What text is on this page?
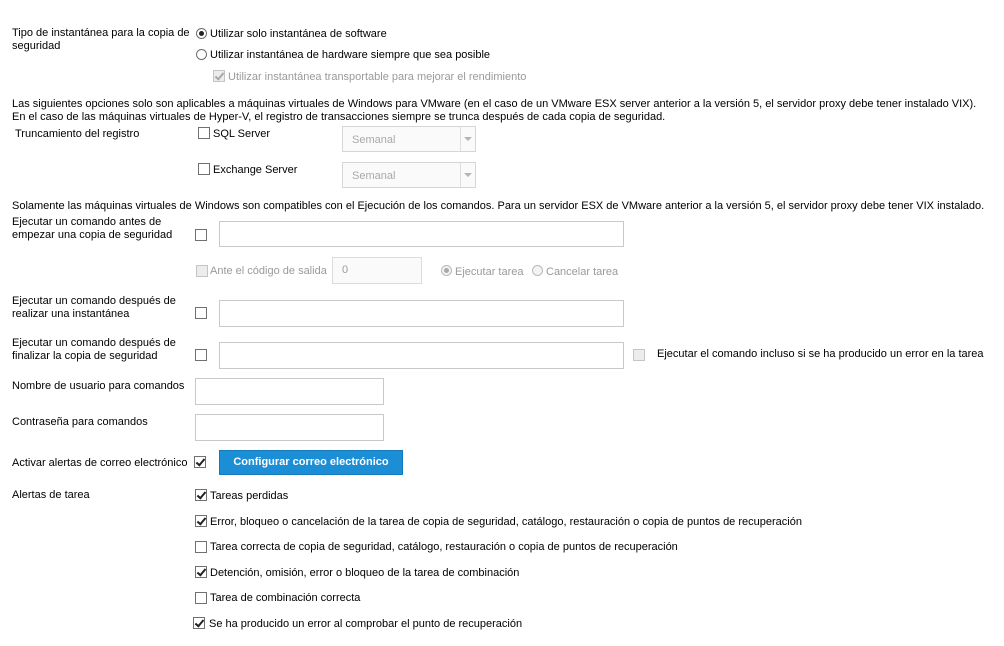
Tipo de instantánea para la copia de seguridad
Utilizar solo instantánea de software
Utilizar instantánea de hardware siempre que sea posible
Utilizar instantánea transportable para mejorar el rendimiento
Las siguientes opciones solo son aplicables a máquinas virtuales de Windows para VMware (en el caso de un VMware ESX server anterior a la versión 5, el servidor proxy debe tener instalado VIX). En el caso de las máquinas virtuales de Hyper-V, el registro de transacciones siempre se trunca después de cada copia de seguridad.
Truncamiento del registro	SQL Server	Semanal
Exchange Server	Semanal
Solamente las máquinas virtuales de Windows son compatibles con el Ejecución de los comandos. Para un servidor ESX de VMware anterior a la versión 5, el servidor proxy debe tener VIX instalado.
Ejecutar un comando antes de empezar una copia de seguridad
Ante el código de salida 0	Ejecutar tarea Cancelar tarea
Ejecutar un comando después de realizar una instantánea
Ejecutar un comando después de finalizar la copia de seguridad	Ejecutar el comando incluso si se ha producido un error en la tarea
Nombre de usuario para comandos
Contraseña para comandos
Activar alertas de correo electrónico	Configurar correo electrónico
Alertas de tarea	Tareas perdidas
Error, bloqueo o cancelación de la tarea de copia de seguridad, catálogo, restauración o copia de puntos de recuperación
Tarea correcta de copia de seguridad, catálogo, restauración o copia de puntos de recuperación
Detención, omisión, error o bloqueo de la tarea de combinación
Tarea de combinación correcta
Se ha producido un error al comprobar el punto de recuperación
